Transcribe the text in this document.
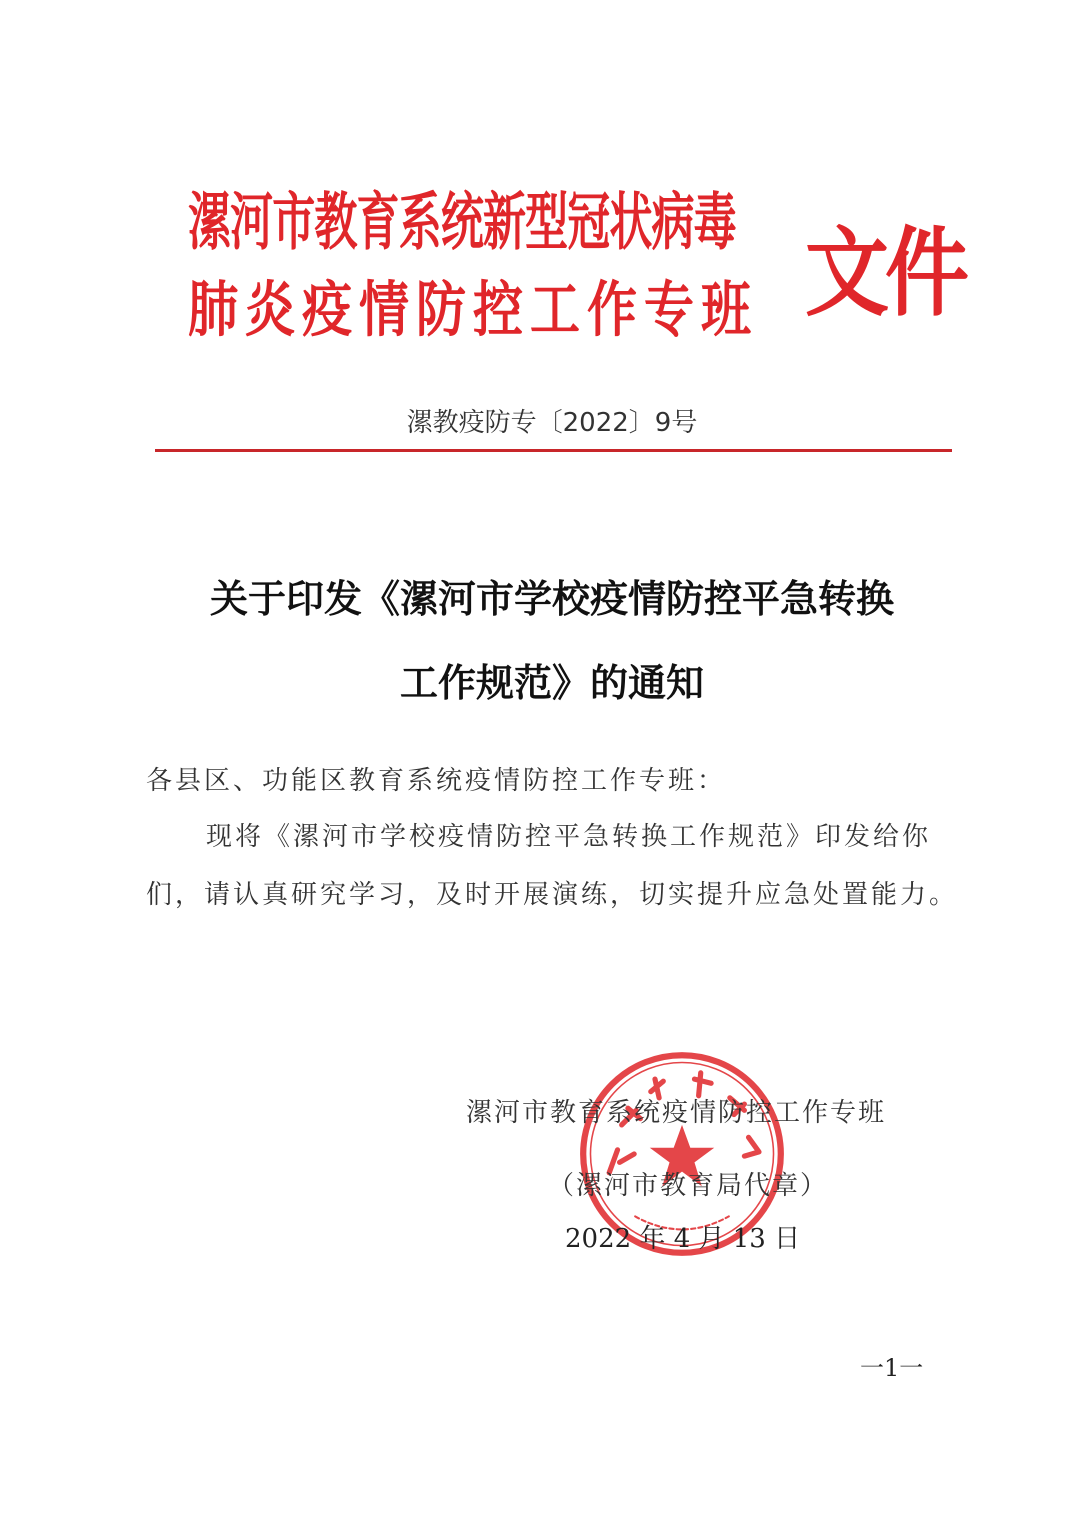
漯河市教育系统新型冠状病毒
肺炎疫情防控工作专班 文件
漯教疫防专〔2022〕9号
关于印发《漯河市学校疫情防控平急转换
工作规范》的通知
各县区、功能区教育系统疫情防控工作专班：
现将《漯河市学校疫情防控平急转换工作规范》印发给你
们，请认真研究学习，及时开展演练，切实提升应急处置能力。
漯河市教育系统疫情防控工作专班
（漯河市教育局代章）
2022 年 4 月 13 日
一1一
